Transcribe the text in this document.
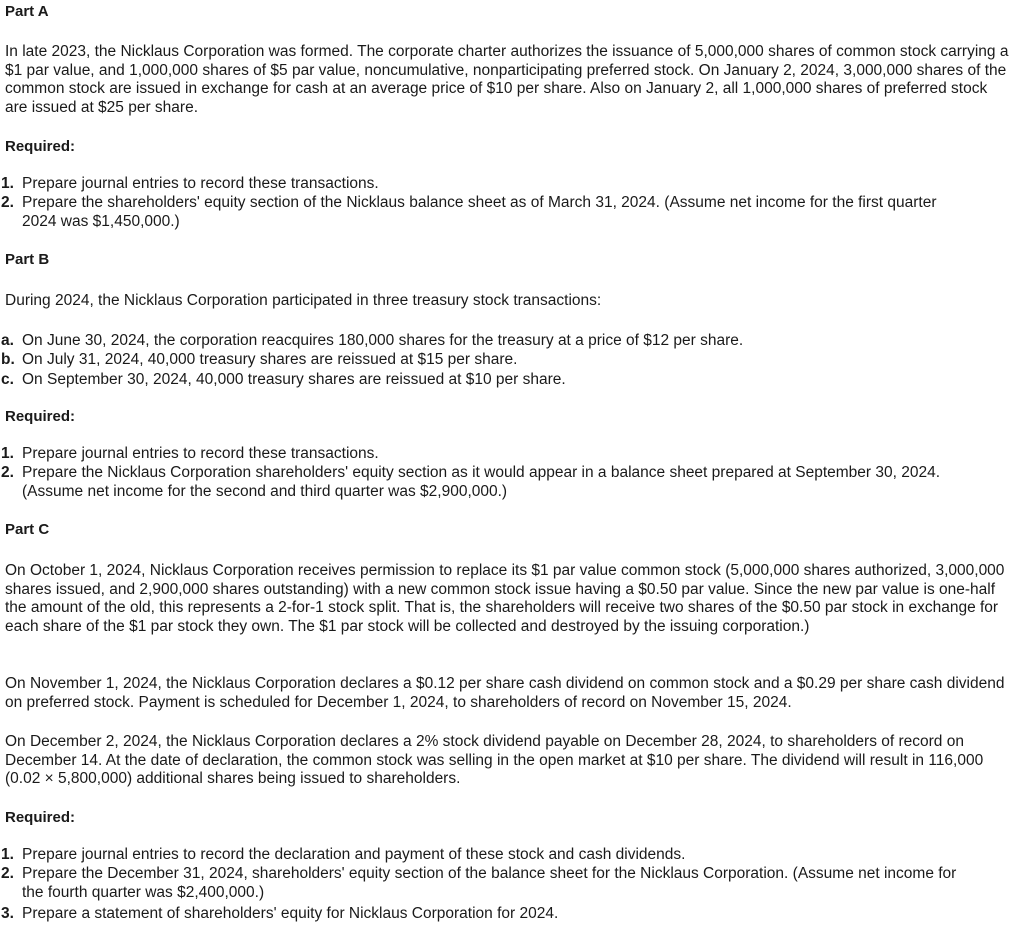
Part A

In late 2023, the Nicklaus Corporation was formed. The corporate charter authorizes the issuance of 5,000,000 shares of common stock carrying a $1 par value, and 1,000,000 shares of $5 par value, noncumulative, nonparticipating preferred stock. On January 2, 2024, 3,000,000 shares of the common stock are issued in exchange for cash at an average price of $10 per share. Also on January 2, all 1,000,000 shares of preferred stock are issued at $25 per share.

Required:

1. Prepare journal entries to record these transactions.
2. Prepare the shareholders' equity section of the Nicklaus balance sheet as of March 31, 2024. (Assume net income for the first quarter 2024 was $1,450,000.)

Part B

During 2024, the Nicklaus Corporation participated in three treasury stock transactions:

a. On June 30, 2024, the corporation reacquires 180,000 shares for the treasury at a price of $12 per share.
b. On July 31, 2024, 40,000 treasury shares are reissued at $15 per share.
c. On September 30, 2024, 40,000 treasury shares are reissued at $10 per share.

Required:

1. Prepare journal entries to record these transactions.
2. Prepare the Nicklaus Corporation shareholders' equity section as it would appear in a balance sheet prepared at September 30, 2024. (Assume net income for the second and third quarter was $2,900,000.)

Part C

On October 1, 2024, Nicklaus Corporation receives permission to replace its $1 par value common stock (5,000,000 shares authorized, 3,000,000 shares issued, and 2,900,000 shares outstanding) with a new common stock issue having a $0.50 par value. Since the new par value is one-half the amount of the old, this represents a 2-for-1 stock split. That is, the shareholders will receive two shares of the $0.50 par stock in exchange for each share of the $1 par stock they own. The $1 par stock will be collected and destroyed by the issuing corporation.)

On November 1, 2024, the Nicklaus Corporation declares a $0.12 per share cash dividend on common stock and a $0.29 per share cash dividend on preferred stock. Payment is scheduled for December 1, 2024, to shareholders of record on November 15, 2024.

On December 2, 2024, the Nicklaus Corporation declares a 2% stock dividend payable on December 28, 2024, to shareholders of record on December 14. At the date of declaration, the common stock was selling in the open market at $10 per share. The dividend will result in 116,000 (0.02 × 5,800,000) additional shares being issued to shareholders.

Required:

1. Prepare journal entries to record the declaration and payment of these stock and cash dividends.
2. Prepare the December 31, 2024, shareholders' equity section of the balance sheet for the Nicklaus Corporation. (Assume net income for the fourth quarter was $2,400,000.)
3. Prepare a statement of shareholders' equity for Nicklaus Corporation for 2024.
